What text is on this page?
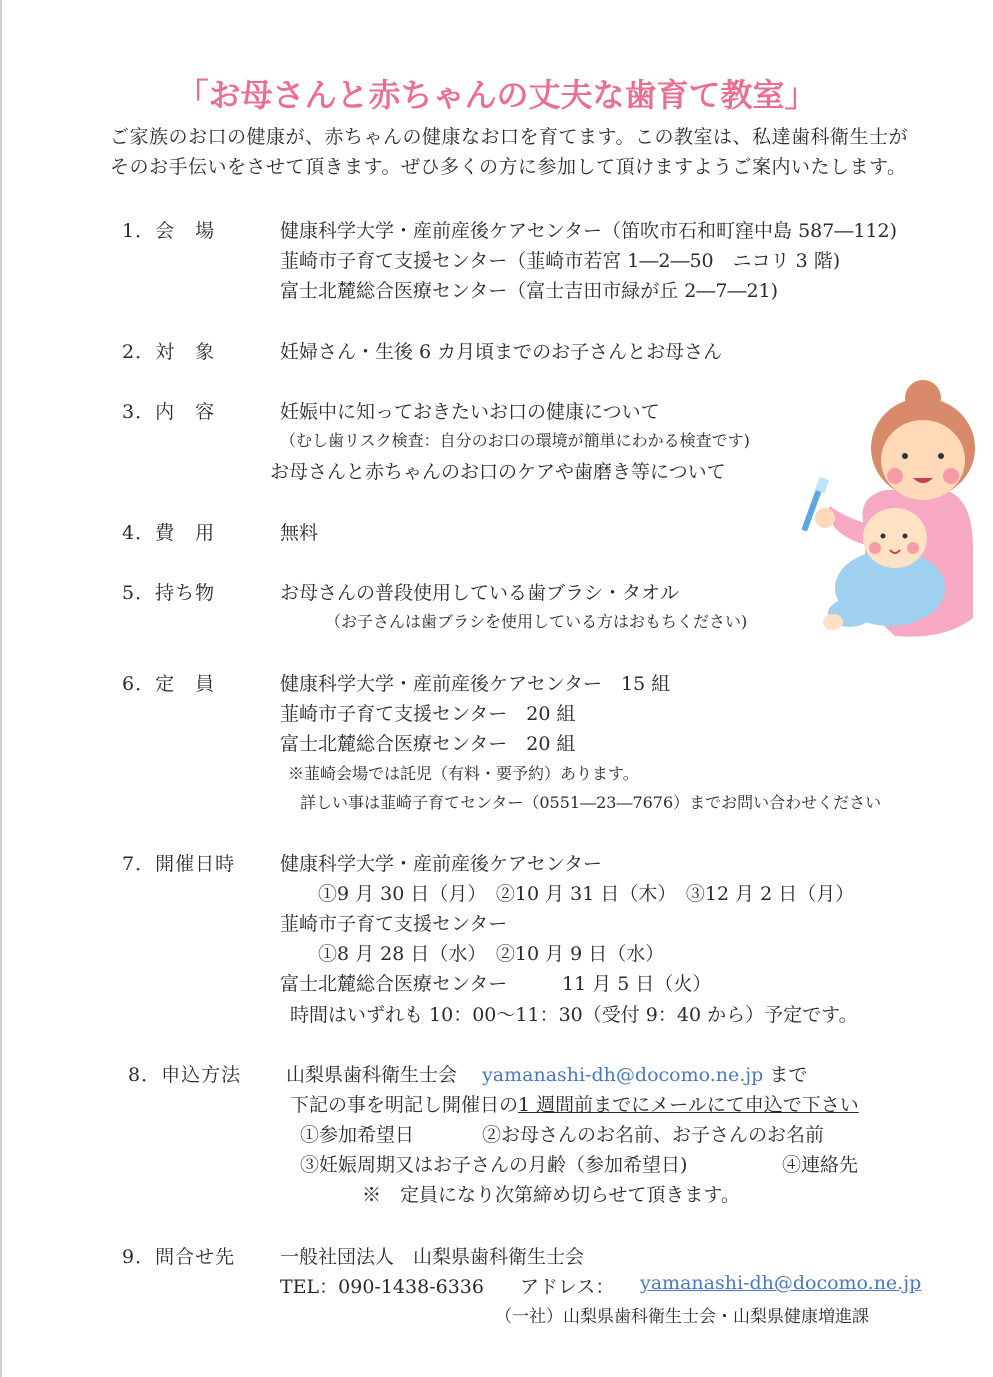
「お母さんと赤ちゃんの丈夫な歯育て教室」
ご家族のお口の健康が、赤ちゃんの健康なお口を育てます。この教室は、私達歯科衛生士が
そのお手伝いをさせて頂きます。ぜひ多くの方に参加して頂けますようご案内いたします。
1．会　場	健康科学大学・産前産後ケアセンター（笛吹市石和町窪中島 587―112)
韮崎市子育て支援センター（韮崎市若宮 1―2―50　ニコリ 3 階)
富士北麓総合医療センター（富士吉田市緑が丘 2―7―21)
2．対　象	妊婦さん・生後 6 カ月頃までのお子さんとお母さん
3．内　容	妊娠中に知っておきたいお口の健康について
（むし歯リスク検査：自分のお口の環境が簡単にわかる検査です)
お母さんと赤ちゃんのお口のケアや歯磨き等について
4．費　用	無料
5．持ち物	お母さんの普段使用している歯ブラシ・タオル
（お子さんは歯ブラシを使用している方はおもちください)
6．定　員	健康科学大学・産前産後ケアセンター　15 組
韮崎市子育て支援センター　20 組
富士北麓総合医療センター　20 組
※韮崎会場では託児（有料・要予約）あります。
詳しい事は韮崎子育てセンター（0551―23―7676）までお問い合わせください
7．開催日時 健康科学大学・産前産後ケアセンター
①9 月 30 日（月）　②10 月 31 日（木）　③12 月 2 日（月）
韮崎市子育て支援センター
①8 月 28 日（水）　②10 月 9 日（水）
富士北麓総合医療センター	11 月 5 日（火）
時間はいずれも 10：00～11：30（受付 9：40 から）予定です。
8．申込方法 山梨県歯科衛生士会　 yamanashi-dh@docomo.ne.jp まで
下記の事を明記し開催日の1 週間前までにメールにて申込で下さい
①参加希望日	②お母さんのお名前、お子さんのお名前
③妊娠周期又はお子さんの月齢（参加希望日)	④連絡先
※　定員になり次第締め切らせて頂きます。
9．問合せ先 一般社団法人　山梨県歯科衛生士会
TEL：090-1438-6336 アドレス： yamanashi-dh@docomo.ne.jp
（一社）山梨県歯科衛生士会・山梨県健康増進課
